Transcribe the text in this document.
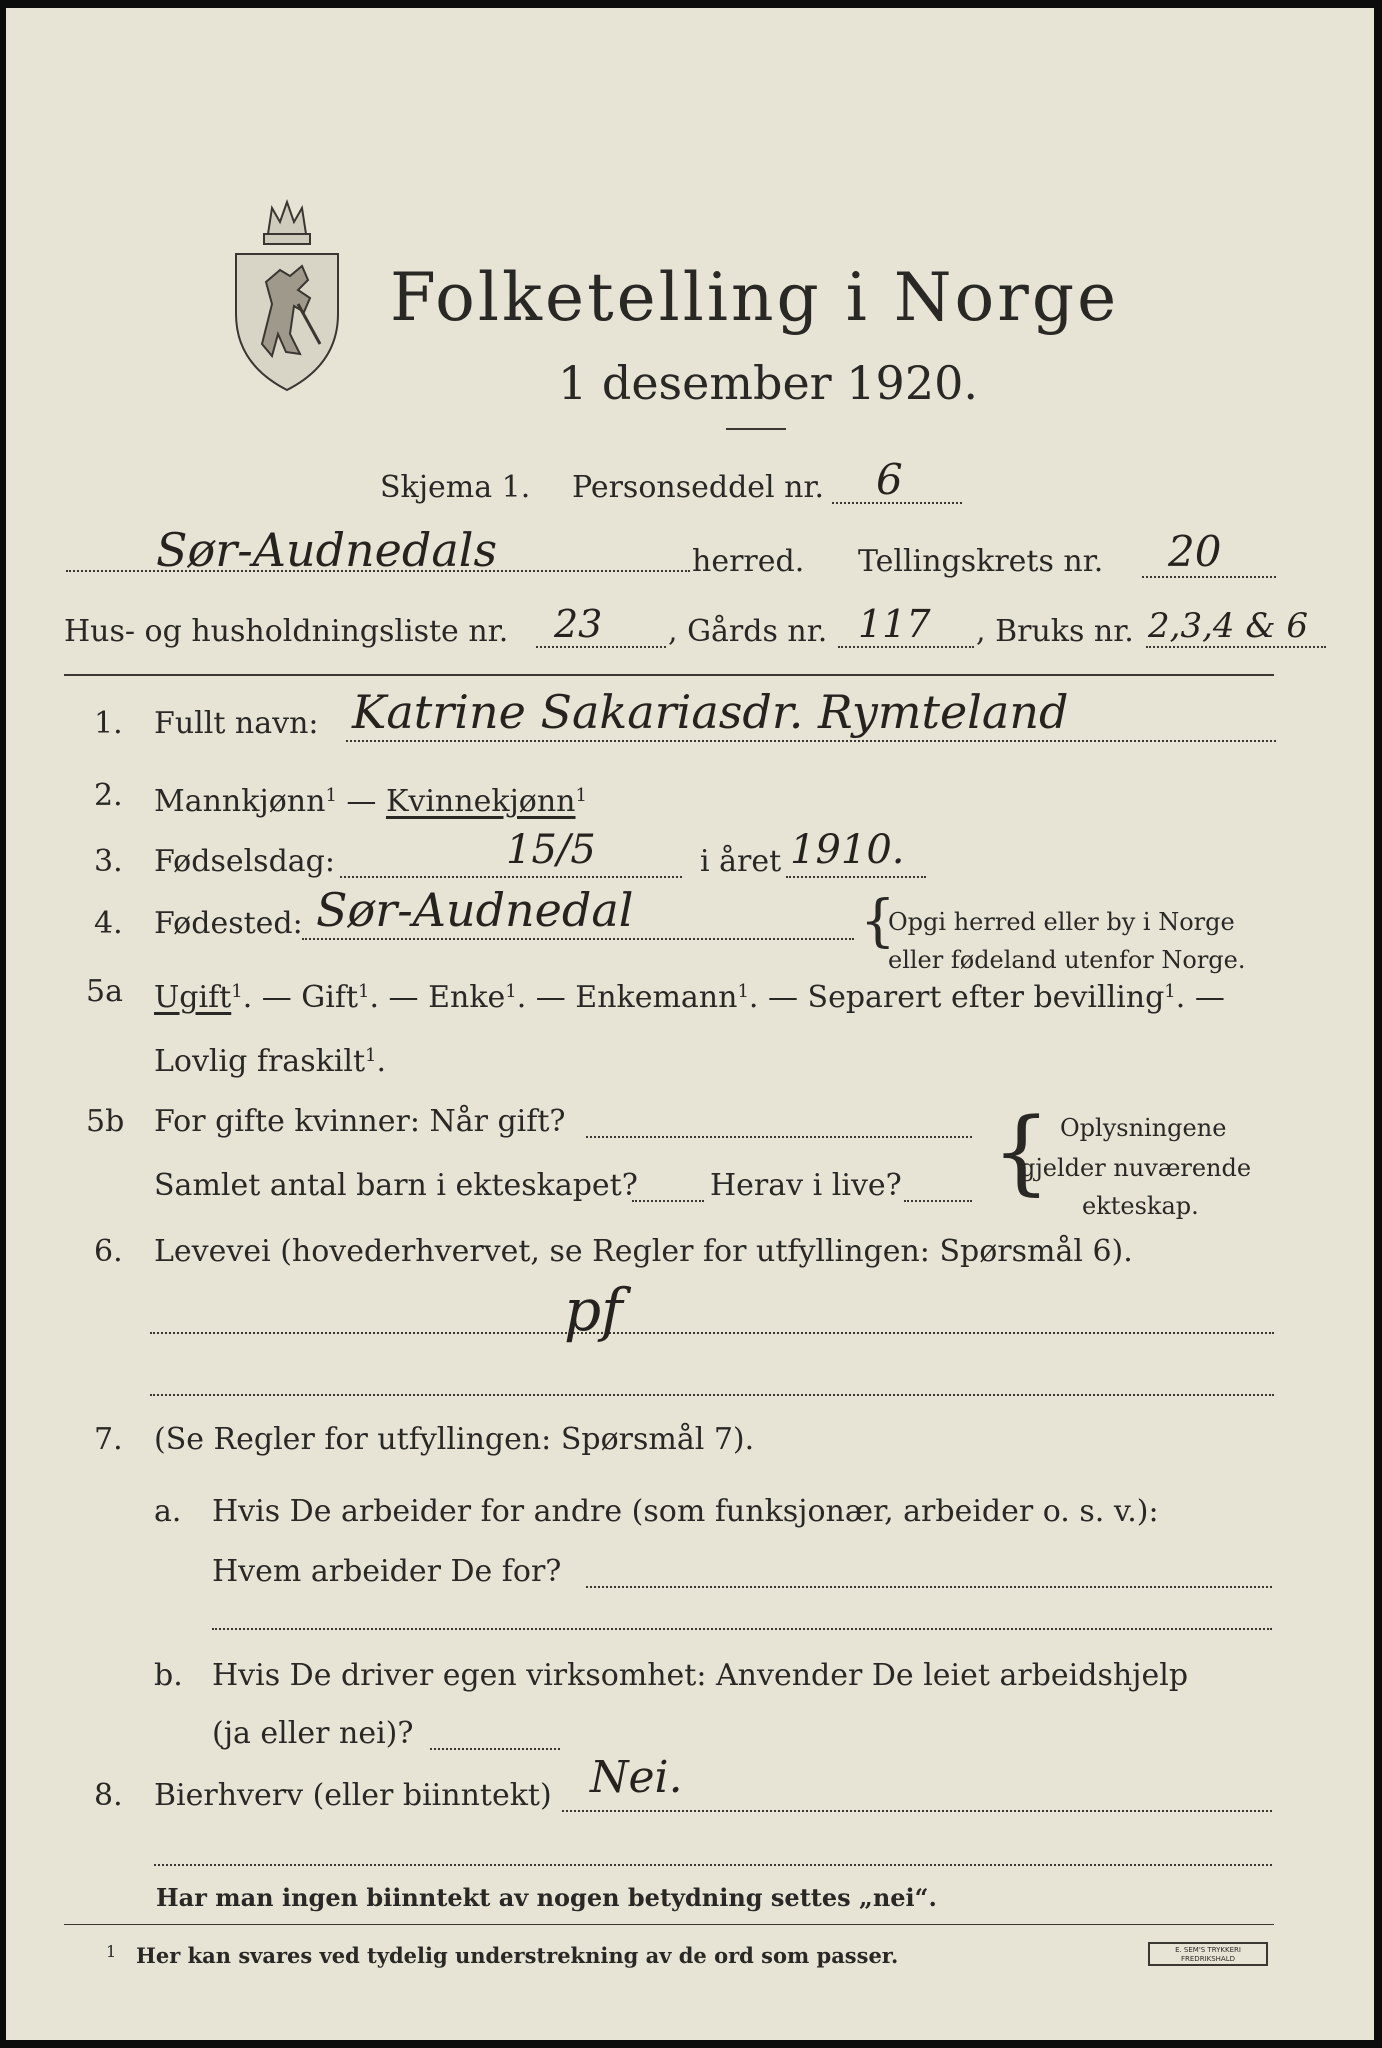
Folketelling i Norge
1 desember 1920.
Skjema 1. Personseddel nr. 6
Sør-Audnedals	herred. Tellingskrets nr. 20
Hus- og husholdningsliste nr. 23 , Gårds nr. 117 , Bruks nr. 2,3,4 & 6
1. Fullt navn: Katrine Sakariasdr. Rymteland
2. Mannkjønn$^1$ — Kvinnekjønn$^1$
3. Fødselsdag:	15/5	i året 1910.
4. Fødested: Sør-Audnedal	{
Opgi herred eller by i Norge
eller fødeland utenfor Norge.
5a Ugift$^1$. — Gift$^1$. — Enke$^1$. — Enkemann$^1$. — Separert efter bevilling$^1$. —
Lovlig fraskilt$^1$.
5b For gifte kvinner: Når gift?
Samlet antal barn i ekteskapet? Herav i live? { Oplysningene
gjelder nuværende
ekteskap.
6. Levevei (hovederhvervet, se Regler for utfyllingen: Spørsmål 6).
pf
7. (Se Regler for utfyllingen: Spørsmål 7).
a. Hvis De arbeider for andre (som funksjonær, arbeider o. s. v.):
Hvem arbeider De for?
b. Hvis De driver egen virksomhet: Anvender De leiet arbeidshjelp
(ja eller nei)?
8. Bierhverv (eller biinntekt) Nei.
Har man ingen biinntekt av nogen betydning settes „nei“.
1 Her kan svares ved tydelig understrekning av de ord som passer.	E. SEM'S TRYKKERI
FREDRIKSHALD
